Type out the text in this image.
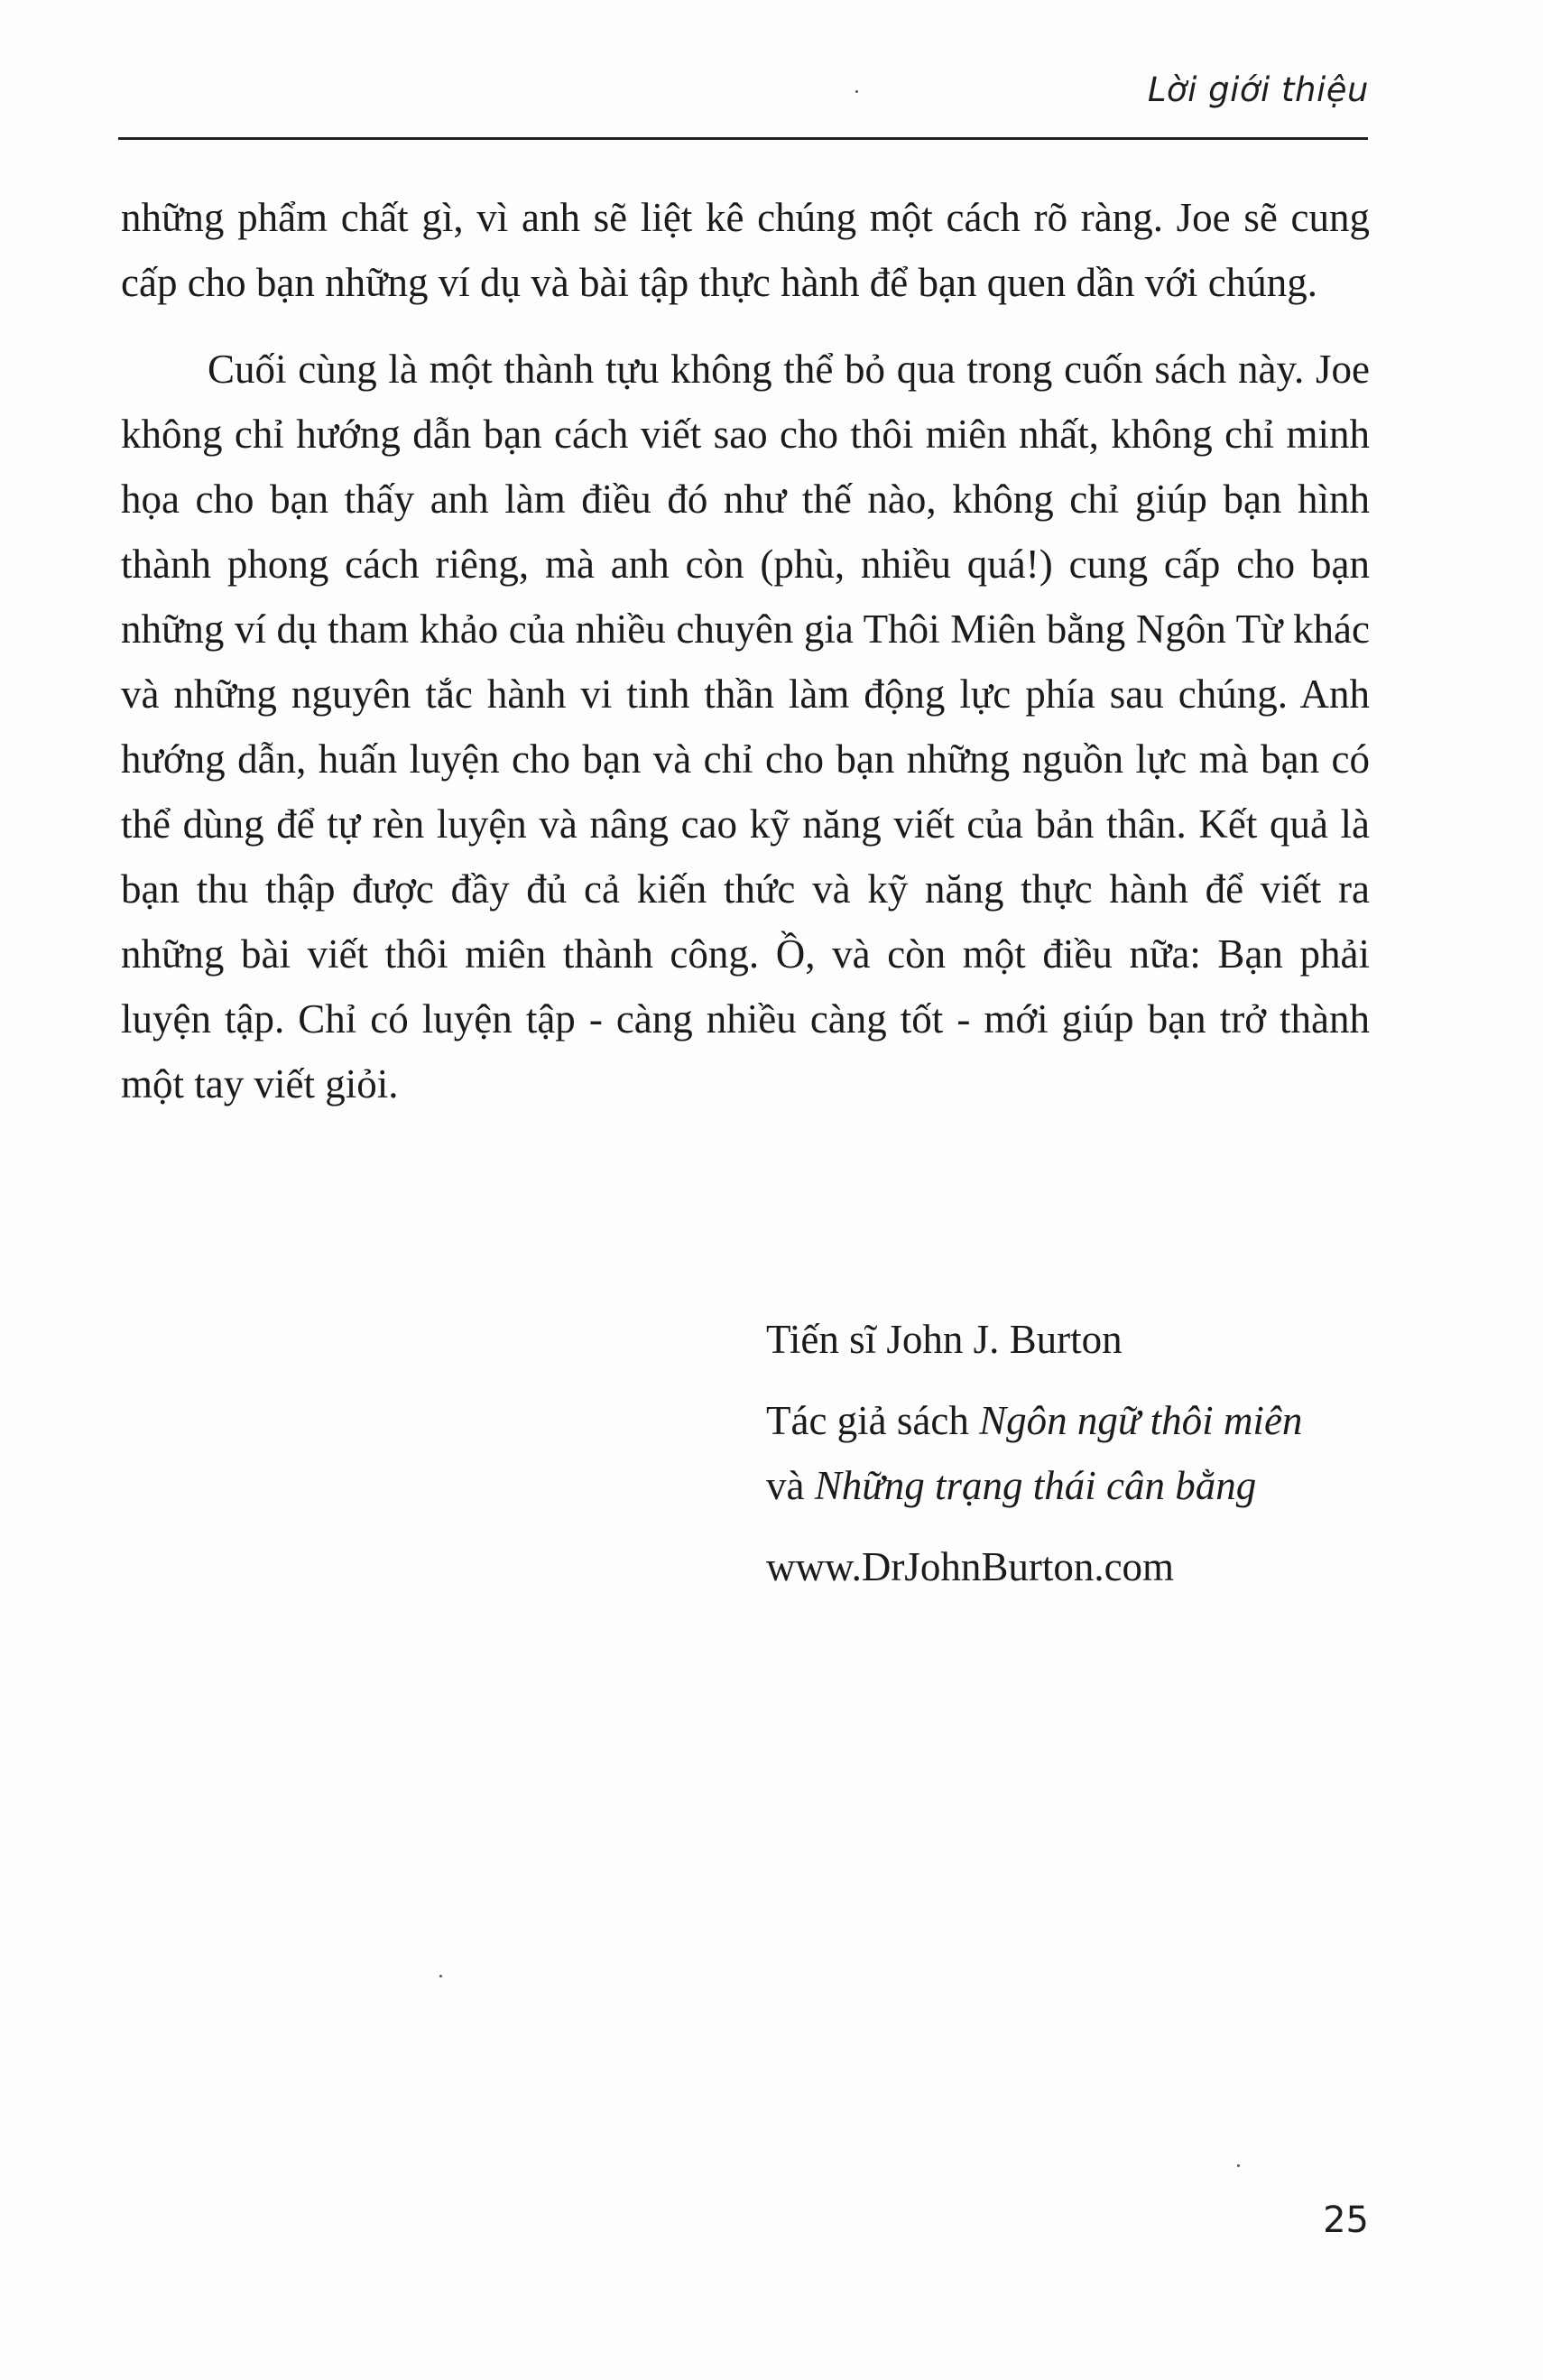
Lời giới thiệu

những phẩm chất gì, vì anh sẽ liệt kê chúng một cách rõ ràng. Joe sẽ cung cấp cho bạn những ví dụ và bài tập thực hành để bạn quen dần với chúng.

Cuối cùng là một thành tựu không thể bỏ qua trong cuốn sách này. Joe không chỉ hướng dẫn bạn cách viết sao cho thôi miên nhất, không chỉ minh họa cho bạn thấy anh làm điều đó như thế nào, không chỉ giúp bạn hình thành phong cách riêng, mà anh còn (phù, nhiều quá!) cung cấp cho bạn những ví dụ tham khảo của nhiều chuyên gia Thôi Miên bằng Ngôn Từ khác và những nguyên tắc hành vi tinh thần làm động lực phía sau chúng. Anh hướng dẫn, huấn luyện cho bạn và chỉ cho bạn những nguồn lực mà bạn có thể dùng để tự rèn luyện và nâng cao kỹ năng viết của bản thân. Kết quả là bạn thu thập được đầy đủ cả kiến thức và kỹ năng thực hành để viết ra những bài viết thôi miên thành công. Ồ, và còn một điều nữa: Bạn phải luyện tập. Chỉ có luyện tập - càng nhiều càng tốt - mới giúp bạn trở thành một tay viết giỏi.

Tiến sĩ John J. Burton
Tác giả sách Ngôn ngữ thôi miên
và Những trạng thái cân bằng
www.DrJohnBurton.com
25
